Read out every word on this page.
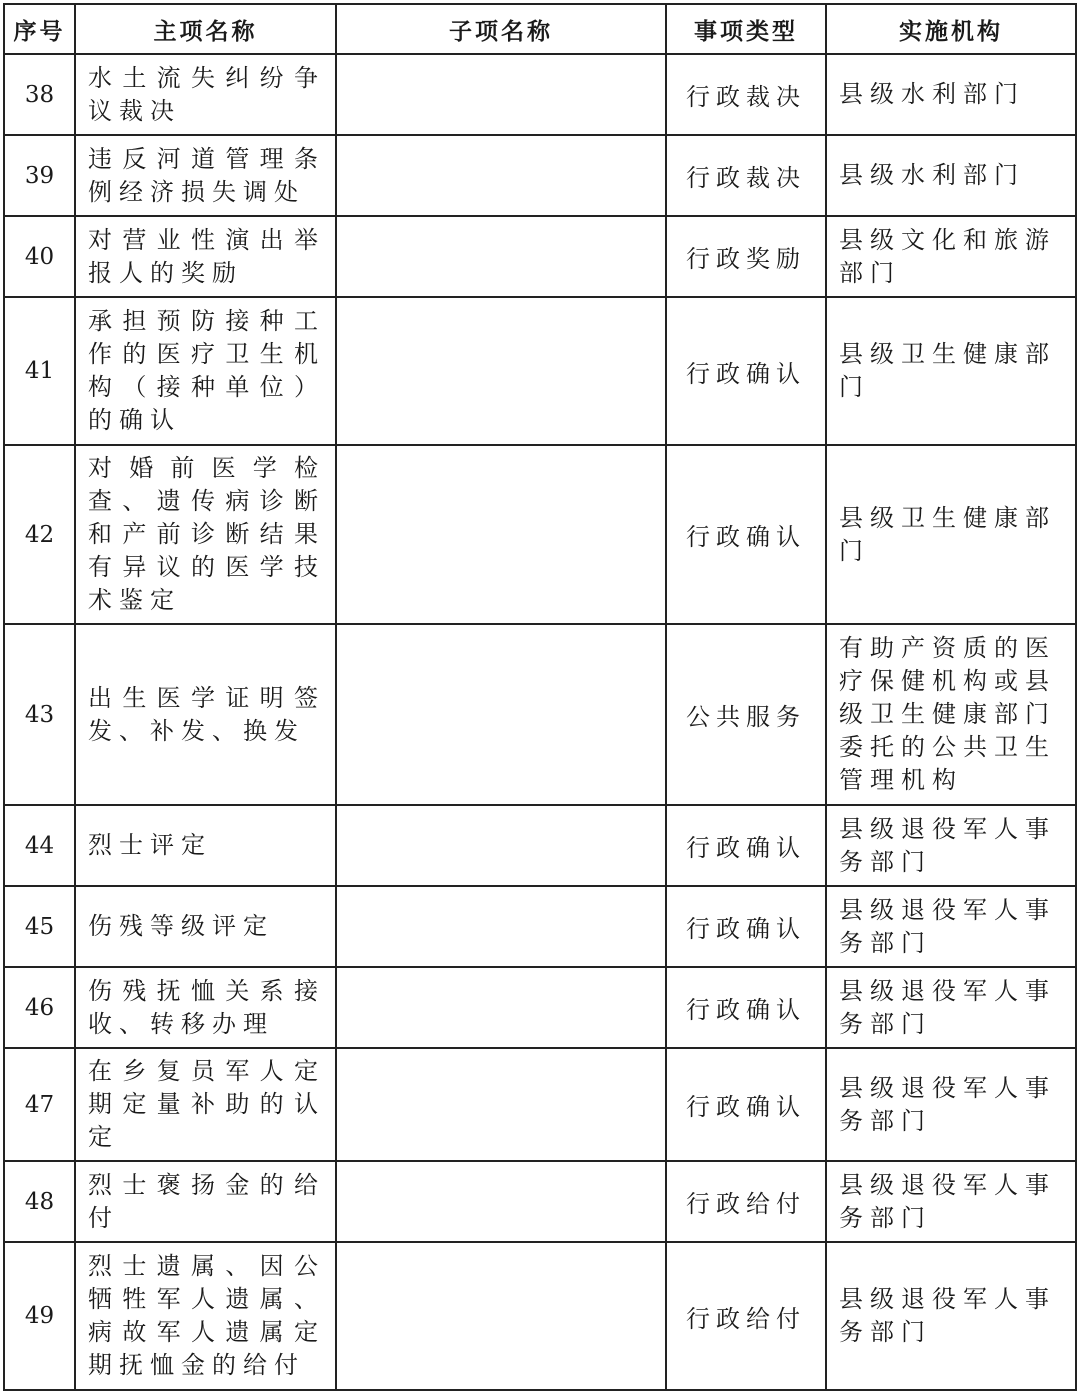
序号	主项名称	子项名称	事项类型	实施机构
38	水土流失纠纷争议裁决		行政裁决	县级水利部门
39	违反河道管理条例经济损失调处		行政裁决	县级水利部门
40	对营业性演出举报人的奖励		行政奖励	县级文化和旅游部门
41	承担预防接种工作的医疗卫生机构（接种单位）的确认		行政确认	县级卫生健康部门
42	对婚前医学检查、遗传病诊断和产前诊断结果有异议的医学技术鉴定		行政确认	县级卫生健康部门
43	出生医学证明签发、补发、换发		公共服务	有助产资质的医疗保健机构或县级卫生健康部门委托的公共卫生管理机构
44	烈士评定		行政确认	县级退役军人事务部门
45	伤残等级评定		行政确认	县级退役军人事务部门
46	伤残抚恤关系接收、转移办理		行政确认	县级退役军人事务部门
47	在乡复员军人定期定量补助的认定		行政确认	县级退役军人事务部门
48	烈士褒扬金的给付		行政给付	县级退役军人事务部门
49	烈士遗属、因公牺牲军人遗属、病故军人遗属定期抚恤金的给付		行政给付	县级退役军人事务部门
